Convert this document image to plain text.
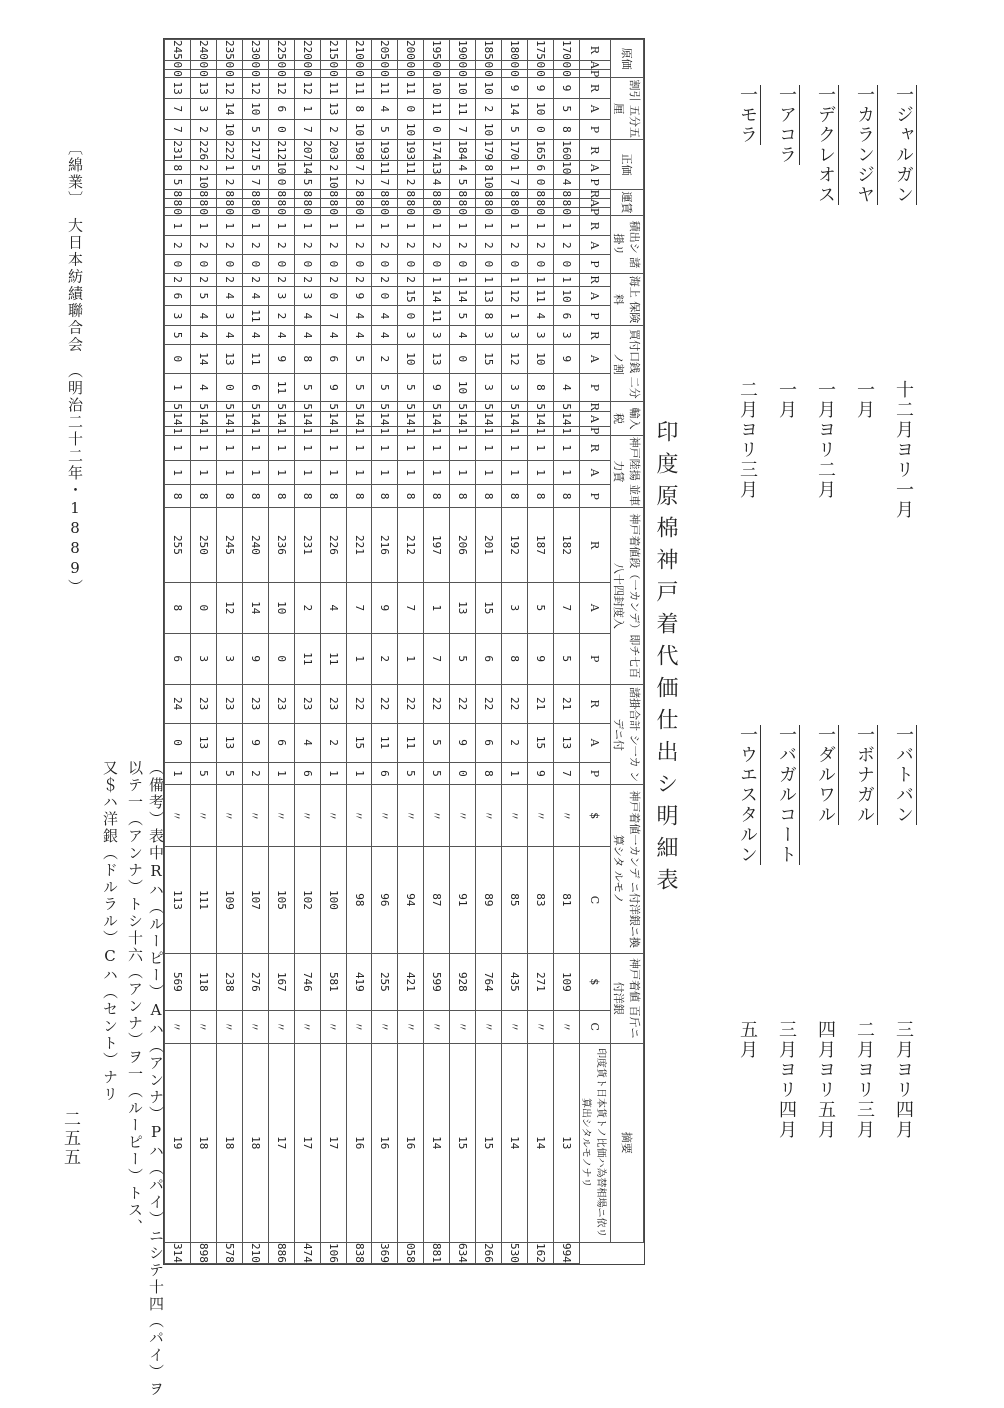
印度原棉神戸着代価仕出シ明細表
一ジャルガン
十二月ヨリ一月
一カランジヤ
一月
一デクレオス
一月ヨリ二月
一アコラ
一月
一モラ
二月ヨリ三月
一バトバン
三月ヨリ四月
一ボナガル
二月ヨリ三月
一ダルワル
四月ヨリ五月
一バガルコート
三月ヨリ四月
一ウエスタルン
五月
原価			割引 五分五厘			正価			運賃			積出シ 諸掛リ			海上 保険料			買付口銭 二分ノ割			輸入税			神戸陸揚 並車力賃			神戸着値段（一カンデ）即チ七百八十四封度入			諸掛合計 シ一カ ンデニ付			神戸着値一カンデ ニ付洋銀ニ換算シタ ルモノ		神戸着値 百斤ニ付洋銀		摘要	
R	A	P	R	A	P	R	A	P	R	A	P	R	A	P	R	A	P	R	A	P	R	A	P	R	A	P	R	A	P	R	A	P	$	C	$	C	印度貨ト日本貨トノ比価ハ為替相場ニ依リ算出シタルモノナリ	
170	0	0	9	5	8	160	10	4	8	8	0	1	2	0	1	10	6	3	9	4	5	14	1	1	1	8	182	7	5	21	13	7	〃	81	109	〃	13	994
175	0	0	9	10	0	165	6	0	8	8	0	1	2	0	1	11	4	3	10	8	5	14	1	1	1	8	187	5	9	21	15	9	〃	83	271	〃	14	162
180	0	0	9	14	5	170	1	7	8	8	0	1	2	0	1	12	1	3	12	3	5	14	1	1	1	8	192	3	8	22	2	1	〃	85	435	〃	14	530
185	0	0	10	2	10	179	8	10	8	8	0	1	2	0	1	13	8	3	15	3	5	14	1	1	1	8	201	15	6	22	6	8	〃	89	764	〃	15	266
190	0	0	10	11	7	184	4	5	8	8	0	1	2	0	1	14	5	4	0	10	5	14	1	1	1	8	206	13	5	22	9	0	〃	91	928	〃	15	634
195	0	0	10	11	0	174	13	4	8	8	0	1	2	0	1	14	11	3	13	9	5	14	1	1	1	8	197	1	7	22	5	5	〃	87	599	〃	14	881
200	0	0	11	0	10	193	11	2	8	8	0	1	2	0	2	15	0	3	10	5	5	14	1	1	1	8	212	7	1	22	11	5	〃	94	421	〃	16	058
205	0	0	11	4	5	193	11	7	8	8	0	1	2	0	2	0	4	4	2	5	5	14	1	1	1	8	216	9	2	22	11	6	〃	96	255	〃	16	369
210	0	0	11	8	10	198	7	2	8	8	0	1	2	0	2	9	4	4	5	5	5	14	1	1	1	8	221	7	1	22	15	1	〃	98	419	〃	16	838
215	0	0	11	13	2	203	2	10	8	8	0	1	2	0	2	0	7	4	6	9	5	14	1	1	1	8	226	4	11	23	2	1	〃	100	581	〃	17	106
220	0	0	12	1	7	207	14	5	8	8	0	1	2	0	2	3	4	4	8	5	5	14	1	1	1	8	231	2	11	23	4	6	〃	102	746	〃	17	474
225	0	0	12	6	0	212	10	0	8	8	0	1	2	0	2	3	2	4	9	11	5	14	1	1	1	8	236	10	0	23	6	1	〃	105	167	〃	17	886
230	0	0	12	10	5	217	5	7	8	8	0	1	2	0	2	4	11	4	11	6	5	14	1	1	1	8	240	14	9	23	9	2	〃	107	276	〃	18	210
235	0	0	12	14	10	222	1	2	8	8	0	1	2	0	2	4	3	4	13	0	5	14	1	1	1	8	245	12	3	23	13	5	〃	109	238	〃	18	578
240	0	0	13	3	2	226	2	10	8	8	0	1	2	0	2	5	4	4	14	4	5	14	1	1	1	8	250	0	3	23	13	5	〃	111	118	〃	18	898
245	0	0	13	7	7	231	8	5	8	8	0	1	2	0	2	6	3	5	0	1	5	14	1	1	1	8	255	8	6	24	0	1	〃	113	569	〃	19	314
（備考）表中Rハ（ルーピー）Aハ（アンナ）Pハ（パイ）ニシテ十四（パイ）ヲ以テ一（アンナ）トシ十六（アンナ）ヲ一（ルーピー）トス、
又＄ハ洋銀（ドルラル）Cハ（セント）ナリ
〔綿業〕　大日本紡績聯合会　（明治二十二年・1889）
二五五
